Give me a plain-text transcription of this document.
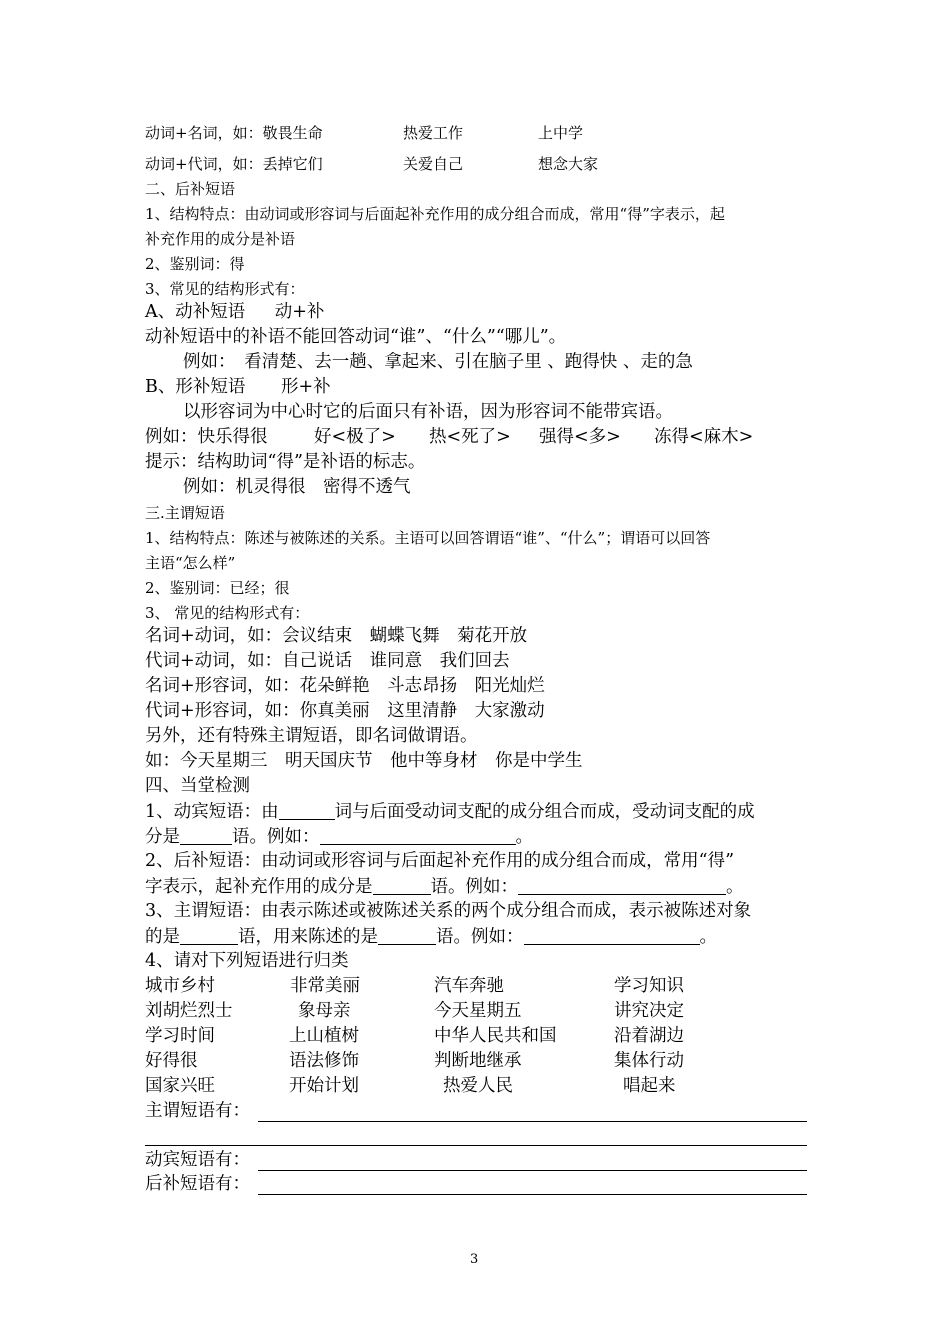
动词+名词，如：敬畏生命	热爱工作	上中学
动词+代词，如：丢掉它们	关爱自己	想念大家
二、后补短语
1、结构特点：由动词或形容词与后面起补充作用的成分组合而成，常用“得”字表示，起
补充作用的成分是补语
2、鉴别词：得
3、常见的结构形式有：
A、动补短语 动+补
动补短语中的补语不能回答动词“谁”、“什么”“哪儿”。
例如：　看清楚、去一趟、拿起来、引在脑子里 、跑得快 、走的急
B、形补短语 形+补
以形容词为中心时它的后面只有补语，因为形容词不能带宾语。
例如：快乐得很	好<极了> 热<死了> 强得<多> 冻得<麻木>
提示：结构助词“得”是补语的标志。
例如：机灵得很　密得不透气
三.主谓短语
1、结构特点：陈述与被陈述的关系。主语可以回答谓语“谁”、“什么”；谓语可以回答
主语“怎么样”
2、鉴别词：已经；很
3、 常见的结构形式有：
名词+动词，如：会议结束　蝴蝶飞舞　菊花开放
代词+动词，如：自己说话　谁同意　我们回去
名词+形容词，如：花朵鲜艳　斗志昂扬　阳光灿烂
代词+形容词，如：你真美丽　这里清静　大家激动
另外，还有特殊主谓短语，即名词做谓语。
如：今天星期三　明天国庆节　他中等身材　你是中学生
四、当堂检测
1、动宾短语：由	词与后面受动词支配的成分组合而成，受动词支配的成
分是	语。例如：	。
2、后补短语：由动词或形容词与后面起补充作用的成分组合而成，常用“得”
字表示，起补充作用的成分是	语。例如：	。
3、主谓短语：由表示陈述或被陈述关系的两个成分组合而成，表示被陈述对象
的是	语，用来陈述的是	语。例如：	。
4、请对下列短语进行归类
城市乡村	非常美丽	汽车奔驰	学习知识
刘胡烂烈士	象母亲	今天星期五	讲究决定
学习时间	上山植树	中华人民共和国	沿着湖边
好得很	语法修饰	判断地继承	集体行动
国家兴旺	开始计划	热爱人民	唱起来
主谓短语有：
动宾短语有：
后补短语有：
3
